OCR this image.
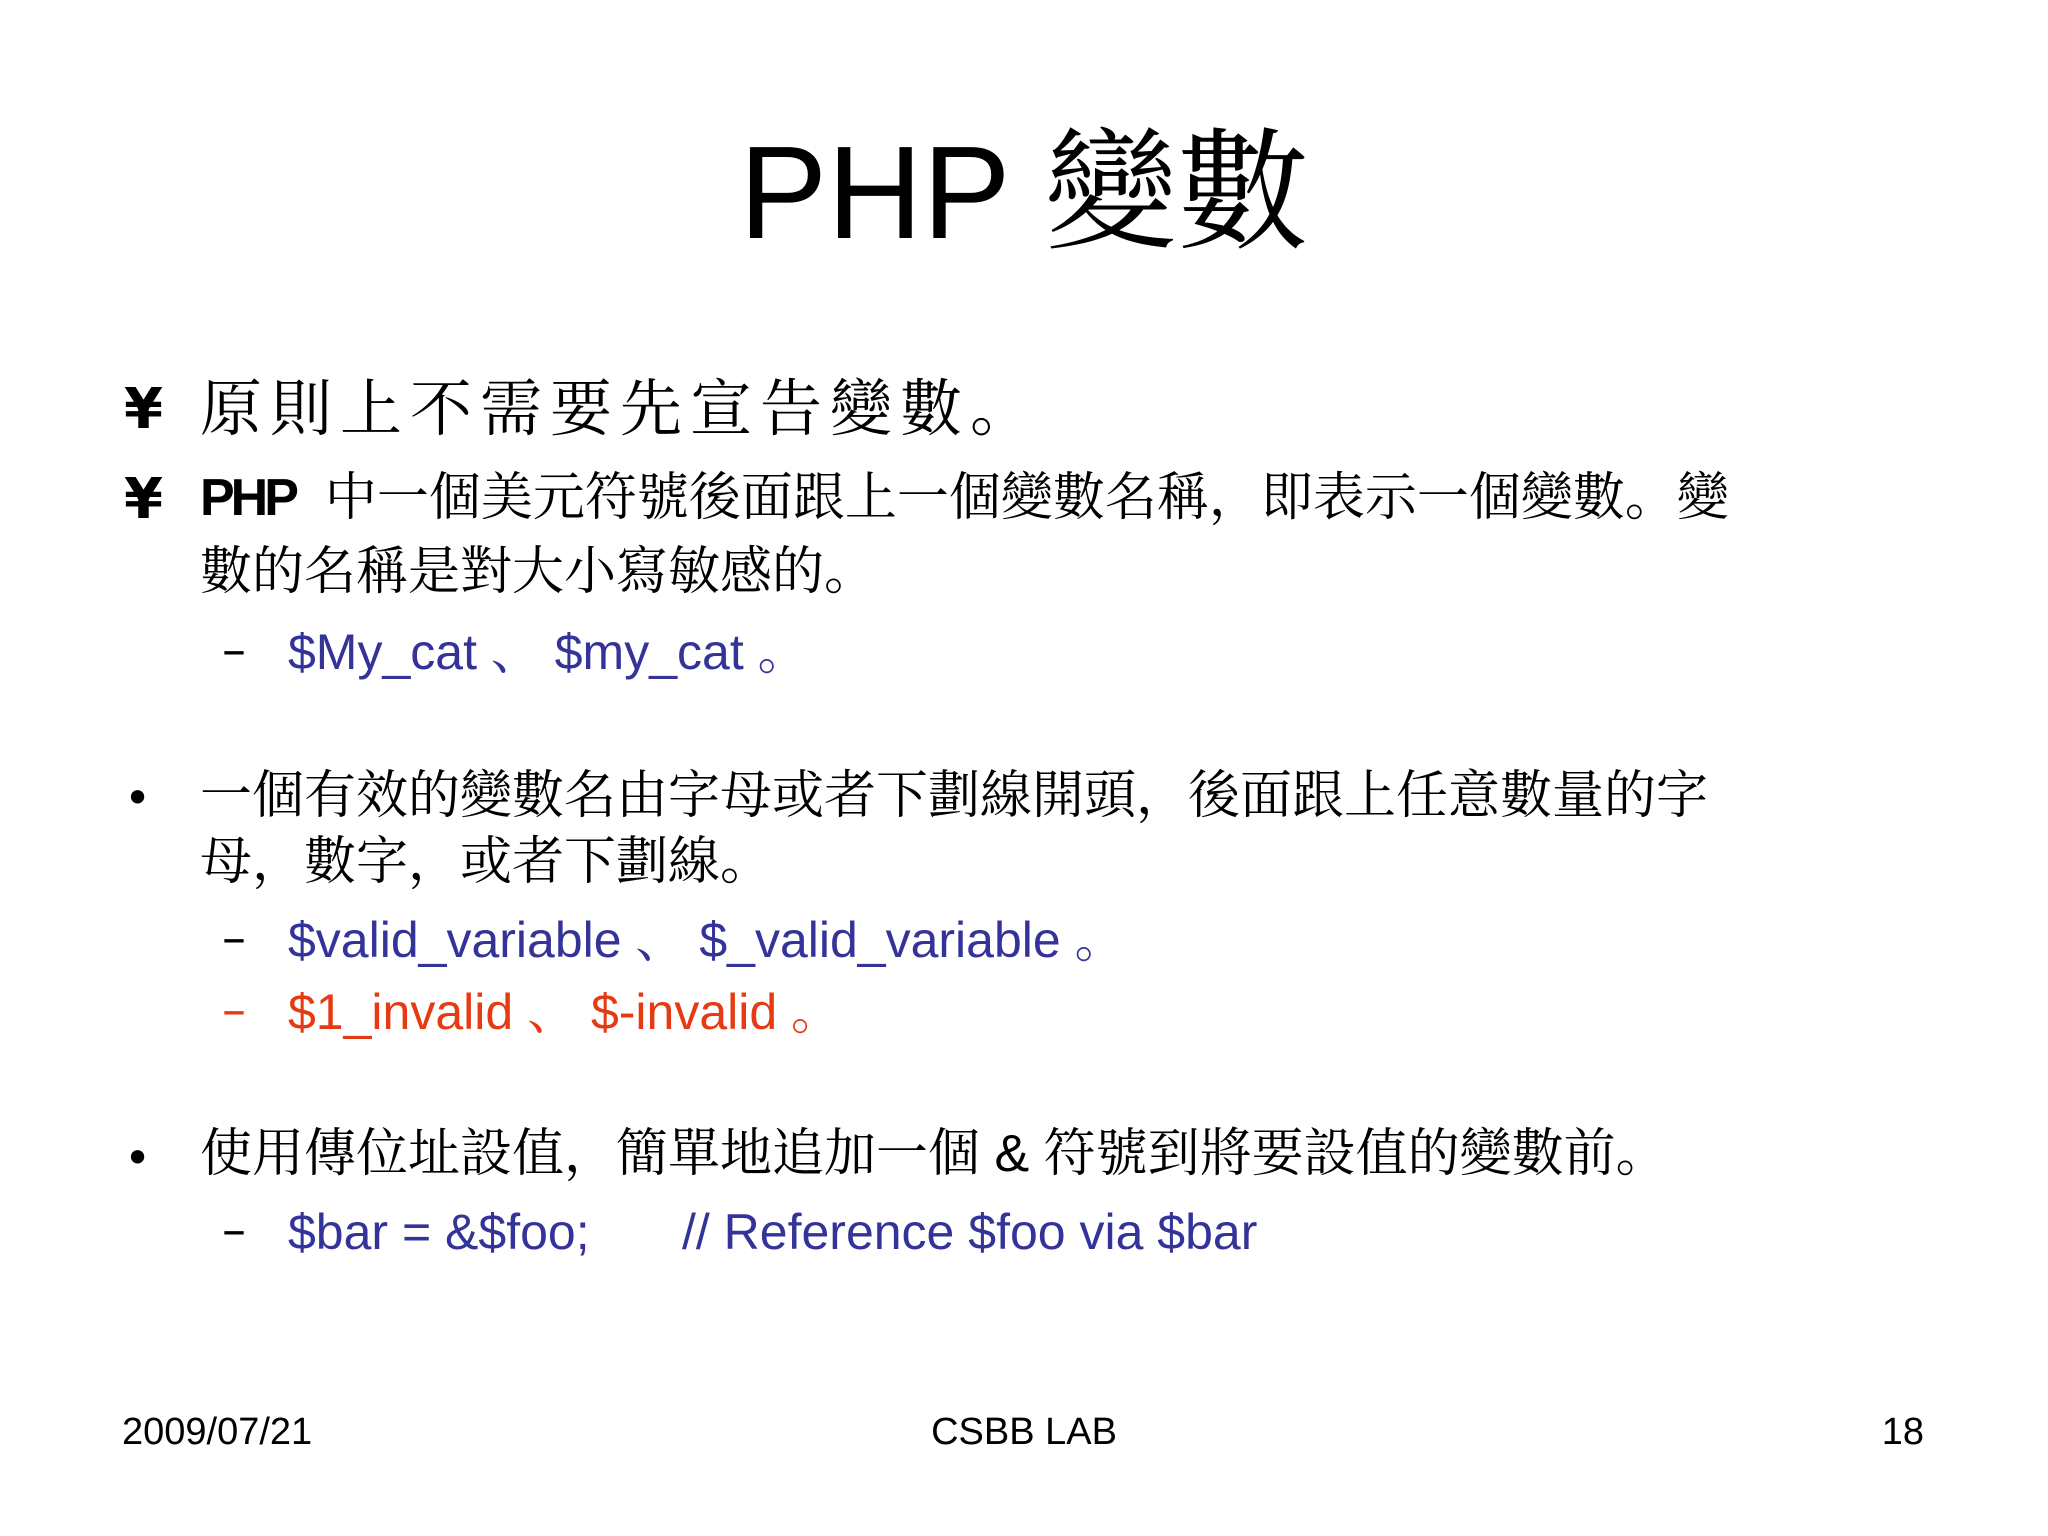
PHP 變數
¥ 原則上不需要先宣告變數。
¥ PHP 中一個美元符號後面跟上一個變數名稱，即表示一個變數。變
數的名稱是對大小寫敏感的。
– $My_cat 、 $my_cat 。
• 一個有效的變數名由字母或者下劃線開頭，後面跟上任意數量的字
母，數字，或者下劃線。
– $valid_variable 、 $_valid_variable 。
– $1_invalid 、 $-invalid 。
• 使用傳位址設值，簡單地追加一個 & 符號到將要設值的變數前。
– $bar = &$foo; // Reference $foo via $bar
2009/07/21	CSBB LAB	18
